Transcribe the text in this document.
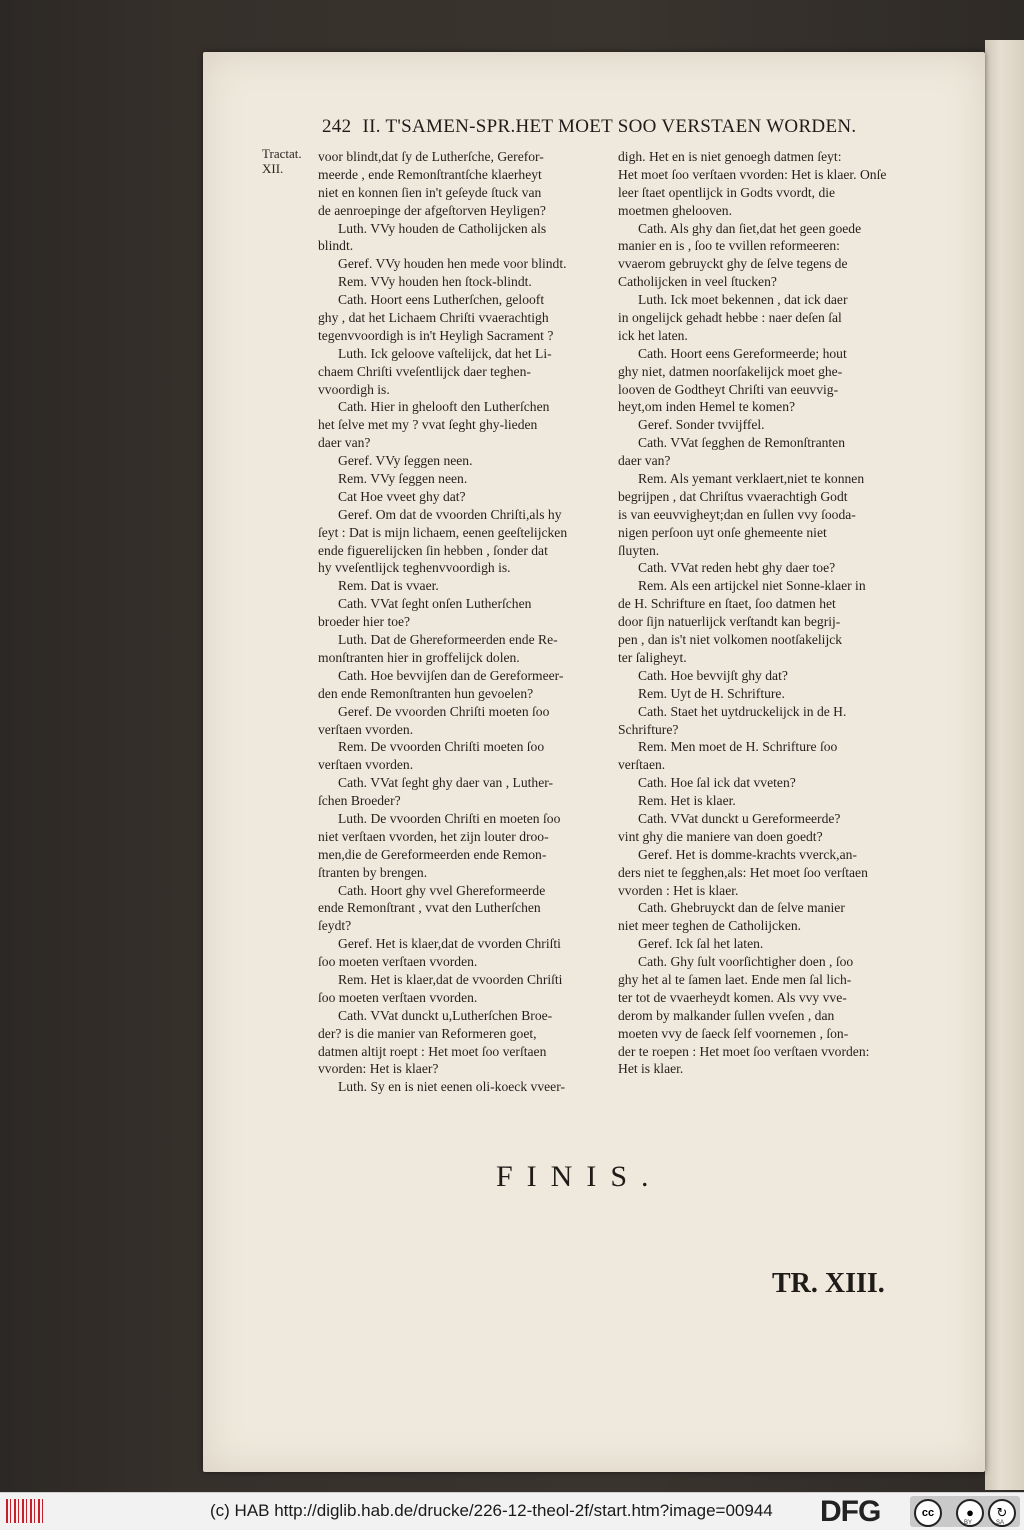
242 II. T'SAMEN-SPR.HET MOET SOO VERSTAEN WORDEN.
Tractat.
XII.
voor blindt,dat ſy de Lutherſche, Gerefor-
meerde , ende Remonſtrantſche klaerheyt
niet en konnen ſien in't geſeyde ſtuck van
de aenroepinge der afgeſtorven Heyligen?
Luth. VVy houden de Catholijcken als
blindt.
Geref. VVy houden hen mede voor blindt.
Rem. VVy houden hen ſtock-blindt.
Cath. Hoort eens Lutherſchen, gelooft
ghy , dat het Lichaem Chriſti vvaerachtigh
tegenvvoordigh is in't Heyligh Sacrament ?
Luth. Ick geloove vaſtelijck, dat het Li-
chaem Chriſti vveſentlijck daer teghen-
vvoordigh is.
Cath. Hier in ghelooft den Lutherſchen
het ſelve met my ? vvat ſeght ghy-lieden
daer van?
Geref. VVy ſeggen neen.
Rem. VVy ſeggen neen.
Cat Hoe vveet ghy dat?
Geref. Om dat de vvoorden Chriſti,als hy
ſeyt : Dat is mijn lichaem, eenen geeſtelijcken
ende figuerelijcken ſin hebben , ſonder dat
hy vveſentlijck teghenvvoordigh is.
Rem. Dat is vvaer.
Cath. VVat ſeght onſen Lutherſchen
broeder hier toe?
Luth. Dat de Ghereformeerden ende Re-
monſtranten hier in groffelijck dolen.
Cath. Hoe bevvijſen dan de Gereformeer-
den ende Remonſtranten hun gevoelen?
Geref. De vvoorden Chriſti moeten ſoo
verſtaen vvorden.
Rem. De vvoorden Chriſti moeten ſoo
verſtaen vvorden.
Cath. VVat ſeght ghy daer van , Luther-
ſchen Broeder?
Luth. De vvoorden Chriſti en moeten ſoo
niet verſtaen vvorden, het zijn louter droo-
men,die de Gereformeerden ende Remon-
ſtranten by brengen.
Cath. Hoort ghy vvel Ghereformeerde
ende Remonſtrant , vvat den Lutherſchen
ſeydt?
Geref. Het is klaer,dat de vvorden Chriſti
ſoo moeten verſtaen vvorden.
Rem. Het is klaer,dat de vvoorden Chriſti
ſoo moeten verſtaen vvorden.
Cath. VVat dunckt u,Lutherſchen Broe-
der? is die manier van Reformeren goet,
datmen altijt roept : Het moet ſoo verſtaen
vvorden: Het is klaer?
Luth. Sy en is niet eenen oli-koeck vveer-
digh. Het en is niet genoegh datmen ſeyt:
Het moet ſoo verſtaen vvorden: Het is klaer. Onſe
leer ſtaet opentlijck in Godts vvordt, die
moetmen ghelooven.
Cath. Als ghy dan ſiet,dat het geen goede
manier en is , ſoo te vvillen reformeeren:
vvaerom gebruyckt ghy de ſelve tegens de
Catholijcken in veel ſtucken?
Luth. Ick moet bekennen , dat ick daer
in ongelijck gehadt hebbe : naer deſen ſal
ick het laten.
Cath. Hoort eens Gereformeerde; hout
ghy niet, datmen noorſakelijck moet ghe-
looven de Godtheyt Chriſti van eeuvvig-
heyt,om inden Hemel te komen?
Geref. Sonder tvvijffel.
Cath. VVat ſegghen de Remonſtranten
daer van?
Rem. Als yemant verklaert,niet te konnen
begrijpen , dat Chriſtus vvaerachtigh Godt
is van eeuvvigheyt;dan en ſullen vvy ſooda-
nigen perſoon uyt onſe ghemeente niet
ſluyten.
Cath. VVat reden hebt ghy daer toe?
Rem. Als een artijckel niet Sonne-klaer in
de H. Schrifture en ſtaet, ſoo datmen het
door ſijn natuerlijck verſtandt kan begrij-
pen , dan is't niet volkomen nootſakelijck
ter ſaligheyt.
Cath. Hoe bevvijſt ghy dat?
Rem. Uyt de H. Schrifture.
Cath. Staet het uytdruckelijck in de H.
Schrifture?
Rem. Men moet de H. Schrifture ſoo
verſtaen.
Cath. Hoe ſal ick dat vveten?
Rem. Het is klaer.
Cath. VVat dunckt u Gereformeerde?
vint ghy die maniere van doen goedt?
Geref. Het is domme-krachts vverck,an-
ders niet te ſegghen,als: Het moet ſoo verſtaen
vvorden : Het is klaer.
Cath. Ghebruyckt dan de ſelve manier
niet meer teghen de Catholijcken.
Geref. Ick ſal het laten.
Cath. Ghy ſult voorſichtigher doen , ſoo
ghy het al te ſamen laet. Ende men ſal lich-
ter tot de vvaerheydt komen. Als vvy vve-
derom by malkander ſullen vveſen , dan
moeten vvy de ſaeck ſelf voornemen , ſon-
der te roepen : Het moet ſoo verſtaen vvorden:
Het is klaer.
FINIS.
TR. XIII.
(c) HAB http://diglib.hab.de/drucke/226-12-theol-2f/start.htm?image=00944	DFG	cc	●	↻
BY	SA
